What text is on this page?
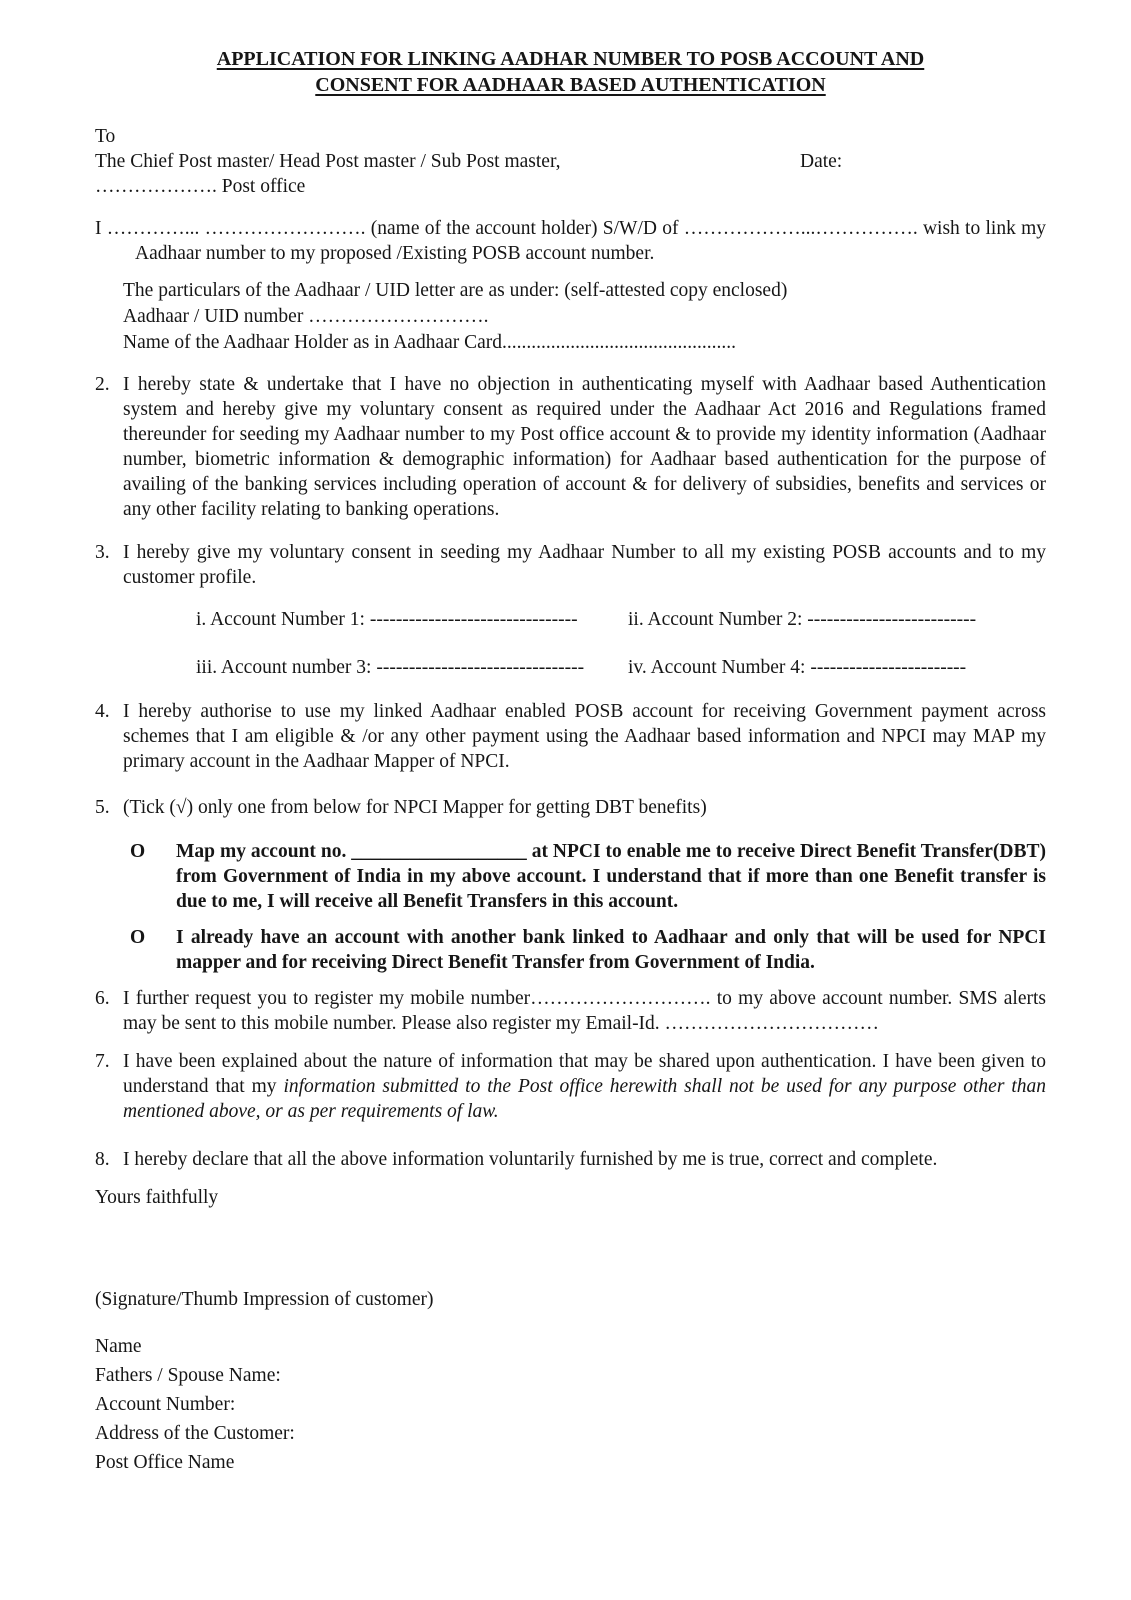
APPLICATION FOR LINKING AADHAR NUMBER TO POSB ACCOUNT AND
CONSENT FOR AADHAAR BASED AUTHENTICATION
To
The Chief Post master/ Head Post master / Sub Post master,	Date:
………………. Post office

I …………... ……………………. (name of the account holder) S/W/D of ………………...……………. wish to link my Aadhaar number to my proposed /Existing POSB account number.

The particulars of the Aadhaar / UID letter are as under: (self-attested copy enclosed)
Aadhaar / UID number ……………………….
Name of the Aadhaar Holder as in Aadhaar Card................................................

2. I hereby state & undertake that I have no objection in authenticating myself with Aadhaar based Authentication system and hereby give my voluntary consent as required under the Aadhaar Act 2016 and Regulations framed thereunder for seeding my Aadhaar number to my Post office account & to provide my identity information (Aadhaar number, biometric information & demographic information) for Aadhaar based authentication for the purpose of availing of the banking services including operation of account & for delivery of subsidies, benefits and services or any other facility relating to banking operations.

3. I hereby give my voluntary consent in seeding my Aadhaar Number to all my existing POSB accounts and to my customer profile.

i. Account Number 1: --------------------------------	ii. Account Number 2: --------------------------
iii. Account number 3: --------------------------------	iv. Account Number 4: ------------------------

4. I hereby authorise to use my linked Aadhaar enabled POSB account for receiving Government payment across schemes that I am eligible & /or any other payment using the Aadhaar based information and NPCI may MAP my primary account in the Aadhaar Mapper of NPCI.

5. (Tick (√) only one from below for NPCI Mapper for getting DBT benefits)

O Map my account no. __________________ at NPCI to enable me to receive Direct Benefit Transfer(DBT) from Government of India in my above account. I understand that if more than one Benefit transfer is due to me, I will receive all Benefit Transfers in this account.

O I already have an account with another bank linked to Aadhaar and only that will be used for NPCI mapper and for receiving Direct Benefit Transfer from Government of India.

6. I further request you to register my mobile number………………………. to my above account number. SMS alerts may be sent to this mobile number. Please also register my Email-Id. ……………………………

7. I have been explained about the nature of information that may be shared upon authentication. I have been given to understand that my information submitted to the Post office herewith shall not be used for any purpose other than mentioned above, or as per requirements of law.

8. I hereby declare that all the above information voluntarily furnished by me is true, correct and complete.

Yours faithfully

(Signature/Thumb Impression of customer)

Name
Fathers / Spouse Name:
Account Number:
Address of the Customer:
Post Office Name
